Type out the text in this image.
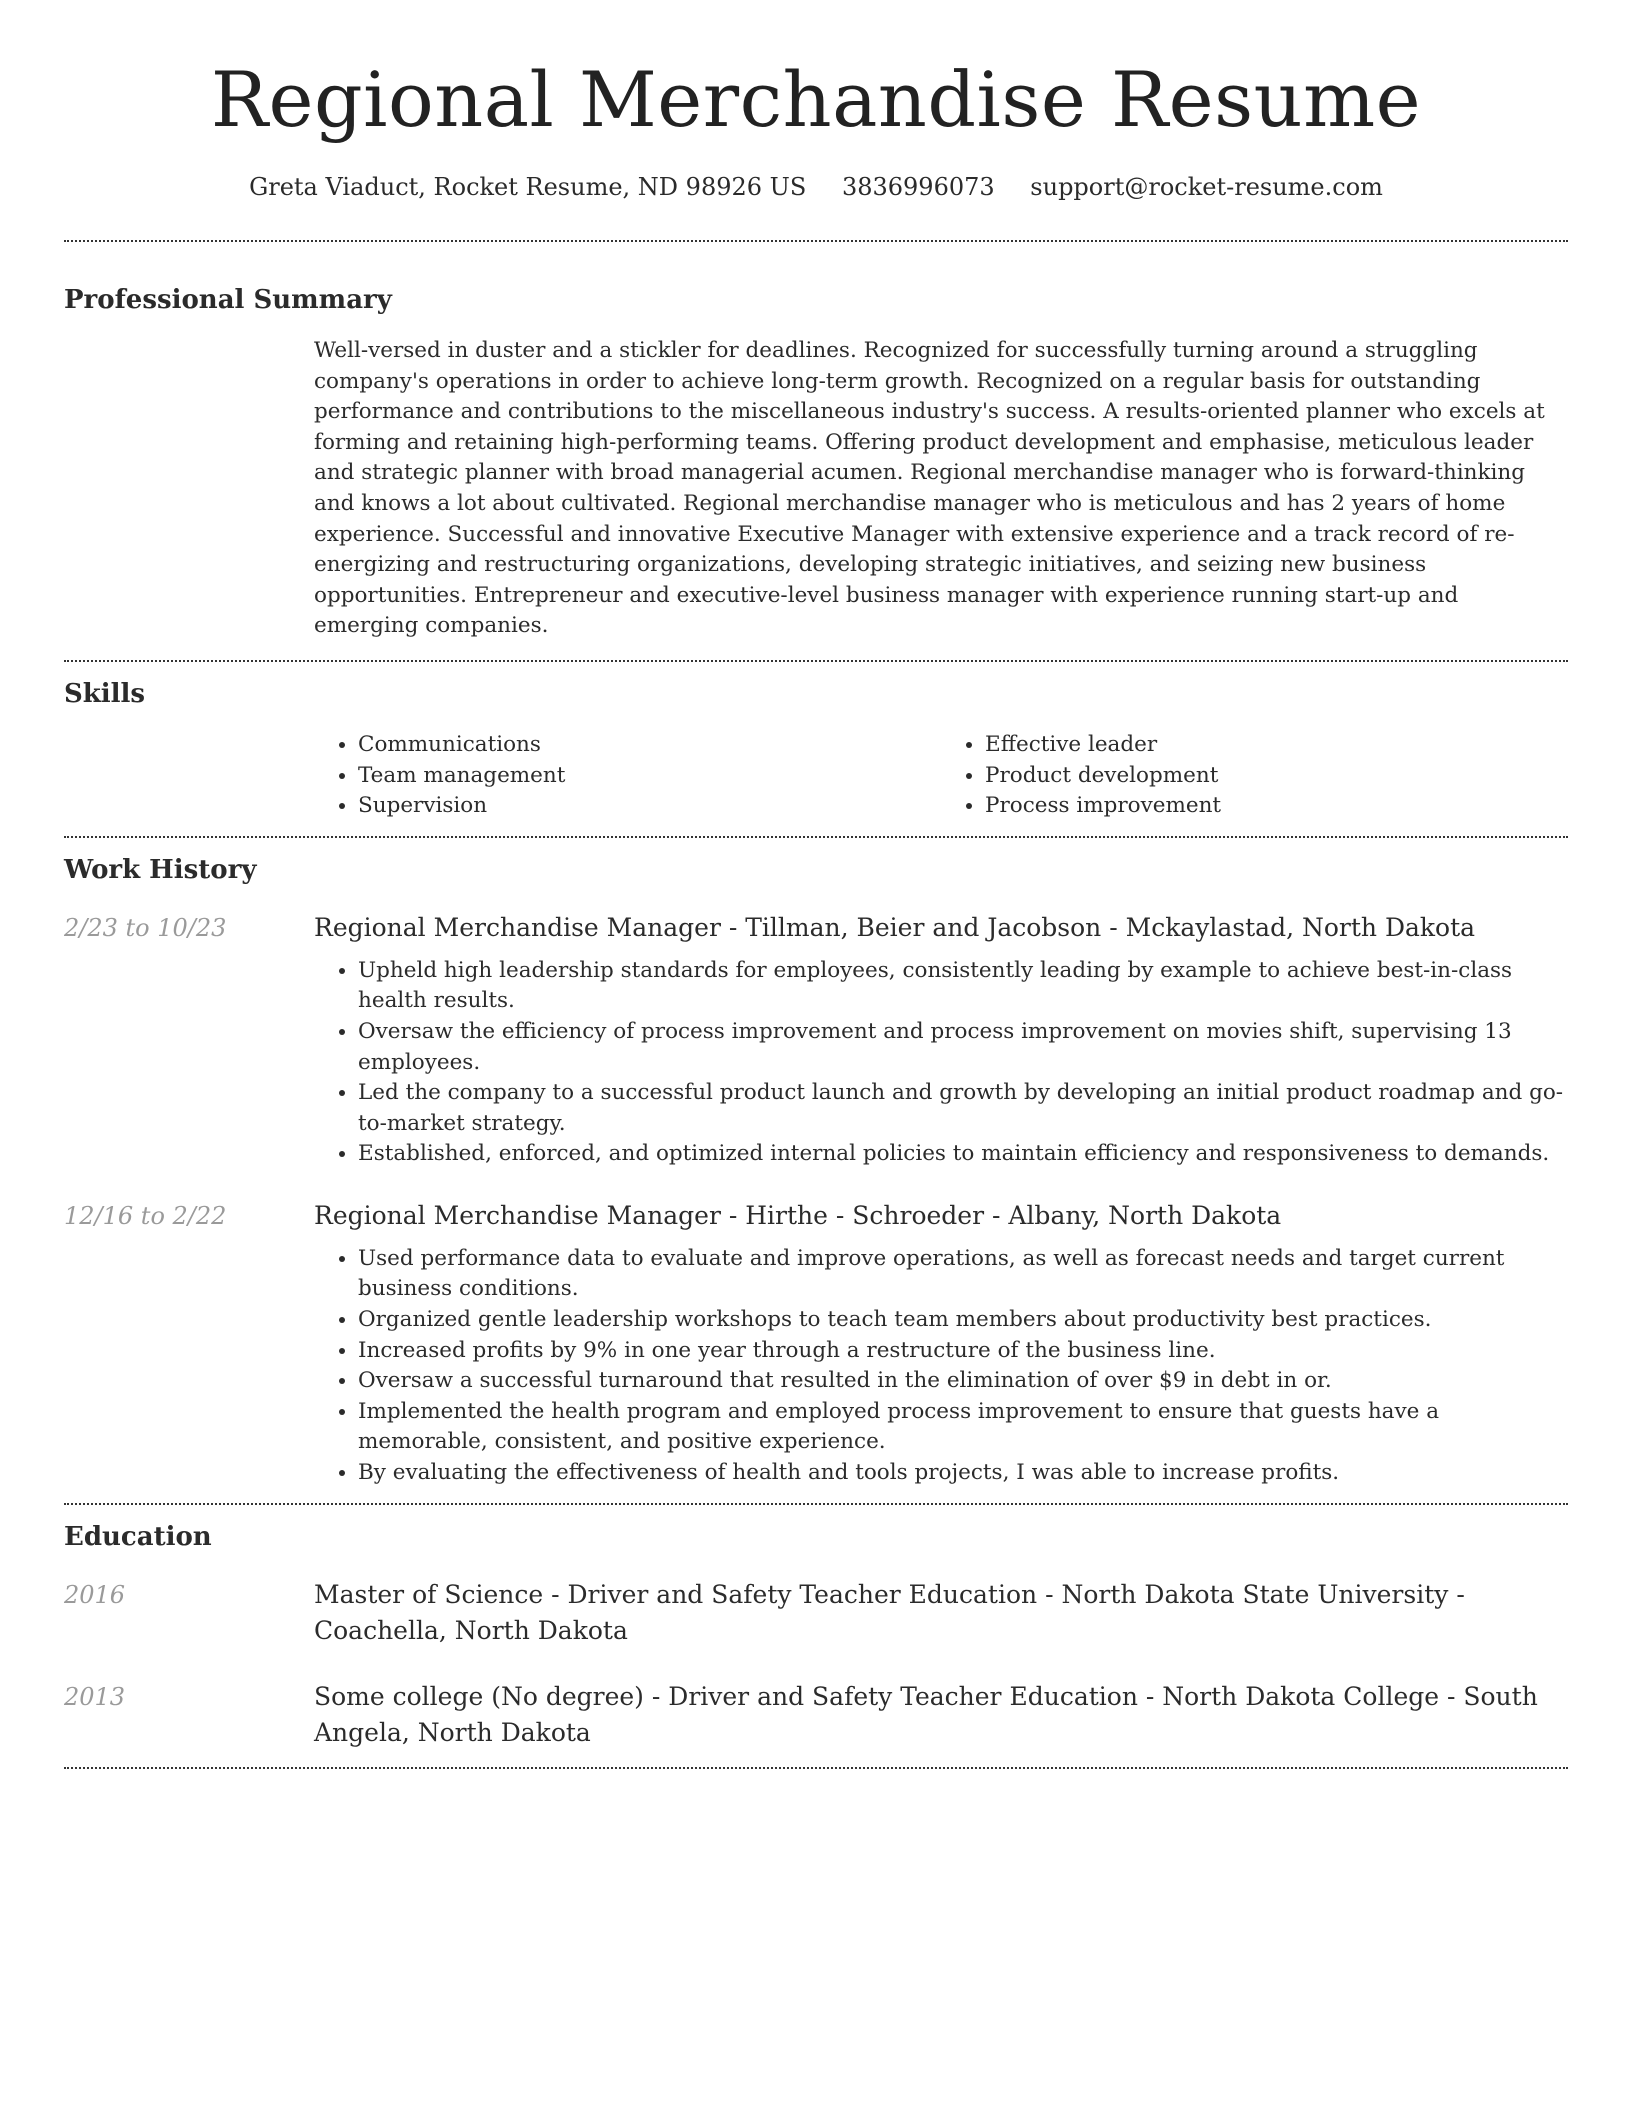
Regional Merchandise Resume
Greta Viaduct, Rocket Resume, ND 98926 US 3836996073 support@rocket-resume.com
Professional Summary

Well-versed in duster and a stickler for deadlines. Recognized for successfully turning around a struggling company's operations in order to achieve long-term growth. Recognized on a regular basis for outstanding performance and contributions to the miscellaneous industry's success. A results-oriented planner who excels at forming and retaining high-performing teams. Offering product development and emphasise, meticulous leader and strategic planner with broad managerial acumen. Regional merchandise manager who is forward-thinking and knows a lot about cultivated. Regional merchandise manager who is meticulous and has 2 years of home experience. Successful and innovative Executive Manager with extensive experience and a track record of re-energizing and restructuring organizations, developing strategic initiatives, and seizing new business opportunities. Entrepreneur and executive-level business manager with experience running start-up and emerging companies.

Skills
• Communications
• Team management
• Supervision
• Effective leader
• Product development
• Process improvement
Work History
2/23 to 10/23	Regional Merchandise Manager - Tillman, Beier and Jacobson - Mckaylastad, North Dakota
• Upheld high leadership standards for employees, consistently leading by example to achieve best-in-class health results.
• Oversaw the efficiency of process improvement and process improvement on movies shift, supervising 13 employees.
• Led the company to a successful product launch and growth by developing an initial product roadmap and go-to-market strategy.
• Established, enforced, and optimized internal policies to maintain efficiency and responsiveness to demands.
12/16 to 2/22	Regional Merchandise Manager - Hirthe - Schroeder - Albany, North Dakota
• Used performance data to evaluate and improve operations, as well as forecast needs and target current business conditions.
• Organized gentle leadership workshops to teach team members about productivity best practices.
• Increased profits by 9% in one year through a restructure of the business line.
• Oversaw a successful turnaround that resulted in the elimination of over $9 in debt in or.
• Implemented the health program and employed process improvement to ensure that guests have a memorable, consistent, and positive experience.
• By evaluating the effectiveness of health and tools projects, I was able to increase profits.
Education
2016	Master of Science - Driver and Safety Teacher Education - North Dakota State University - Coachella, North Dakota
2013	Some college (No degree) - Driver and Safety Teacher Education - North Dakota College - South Angela, North Dakota
